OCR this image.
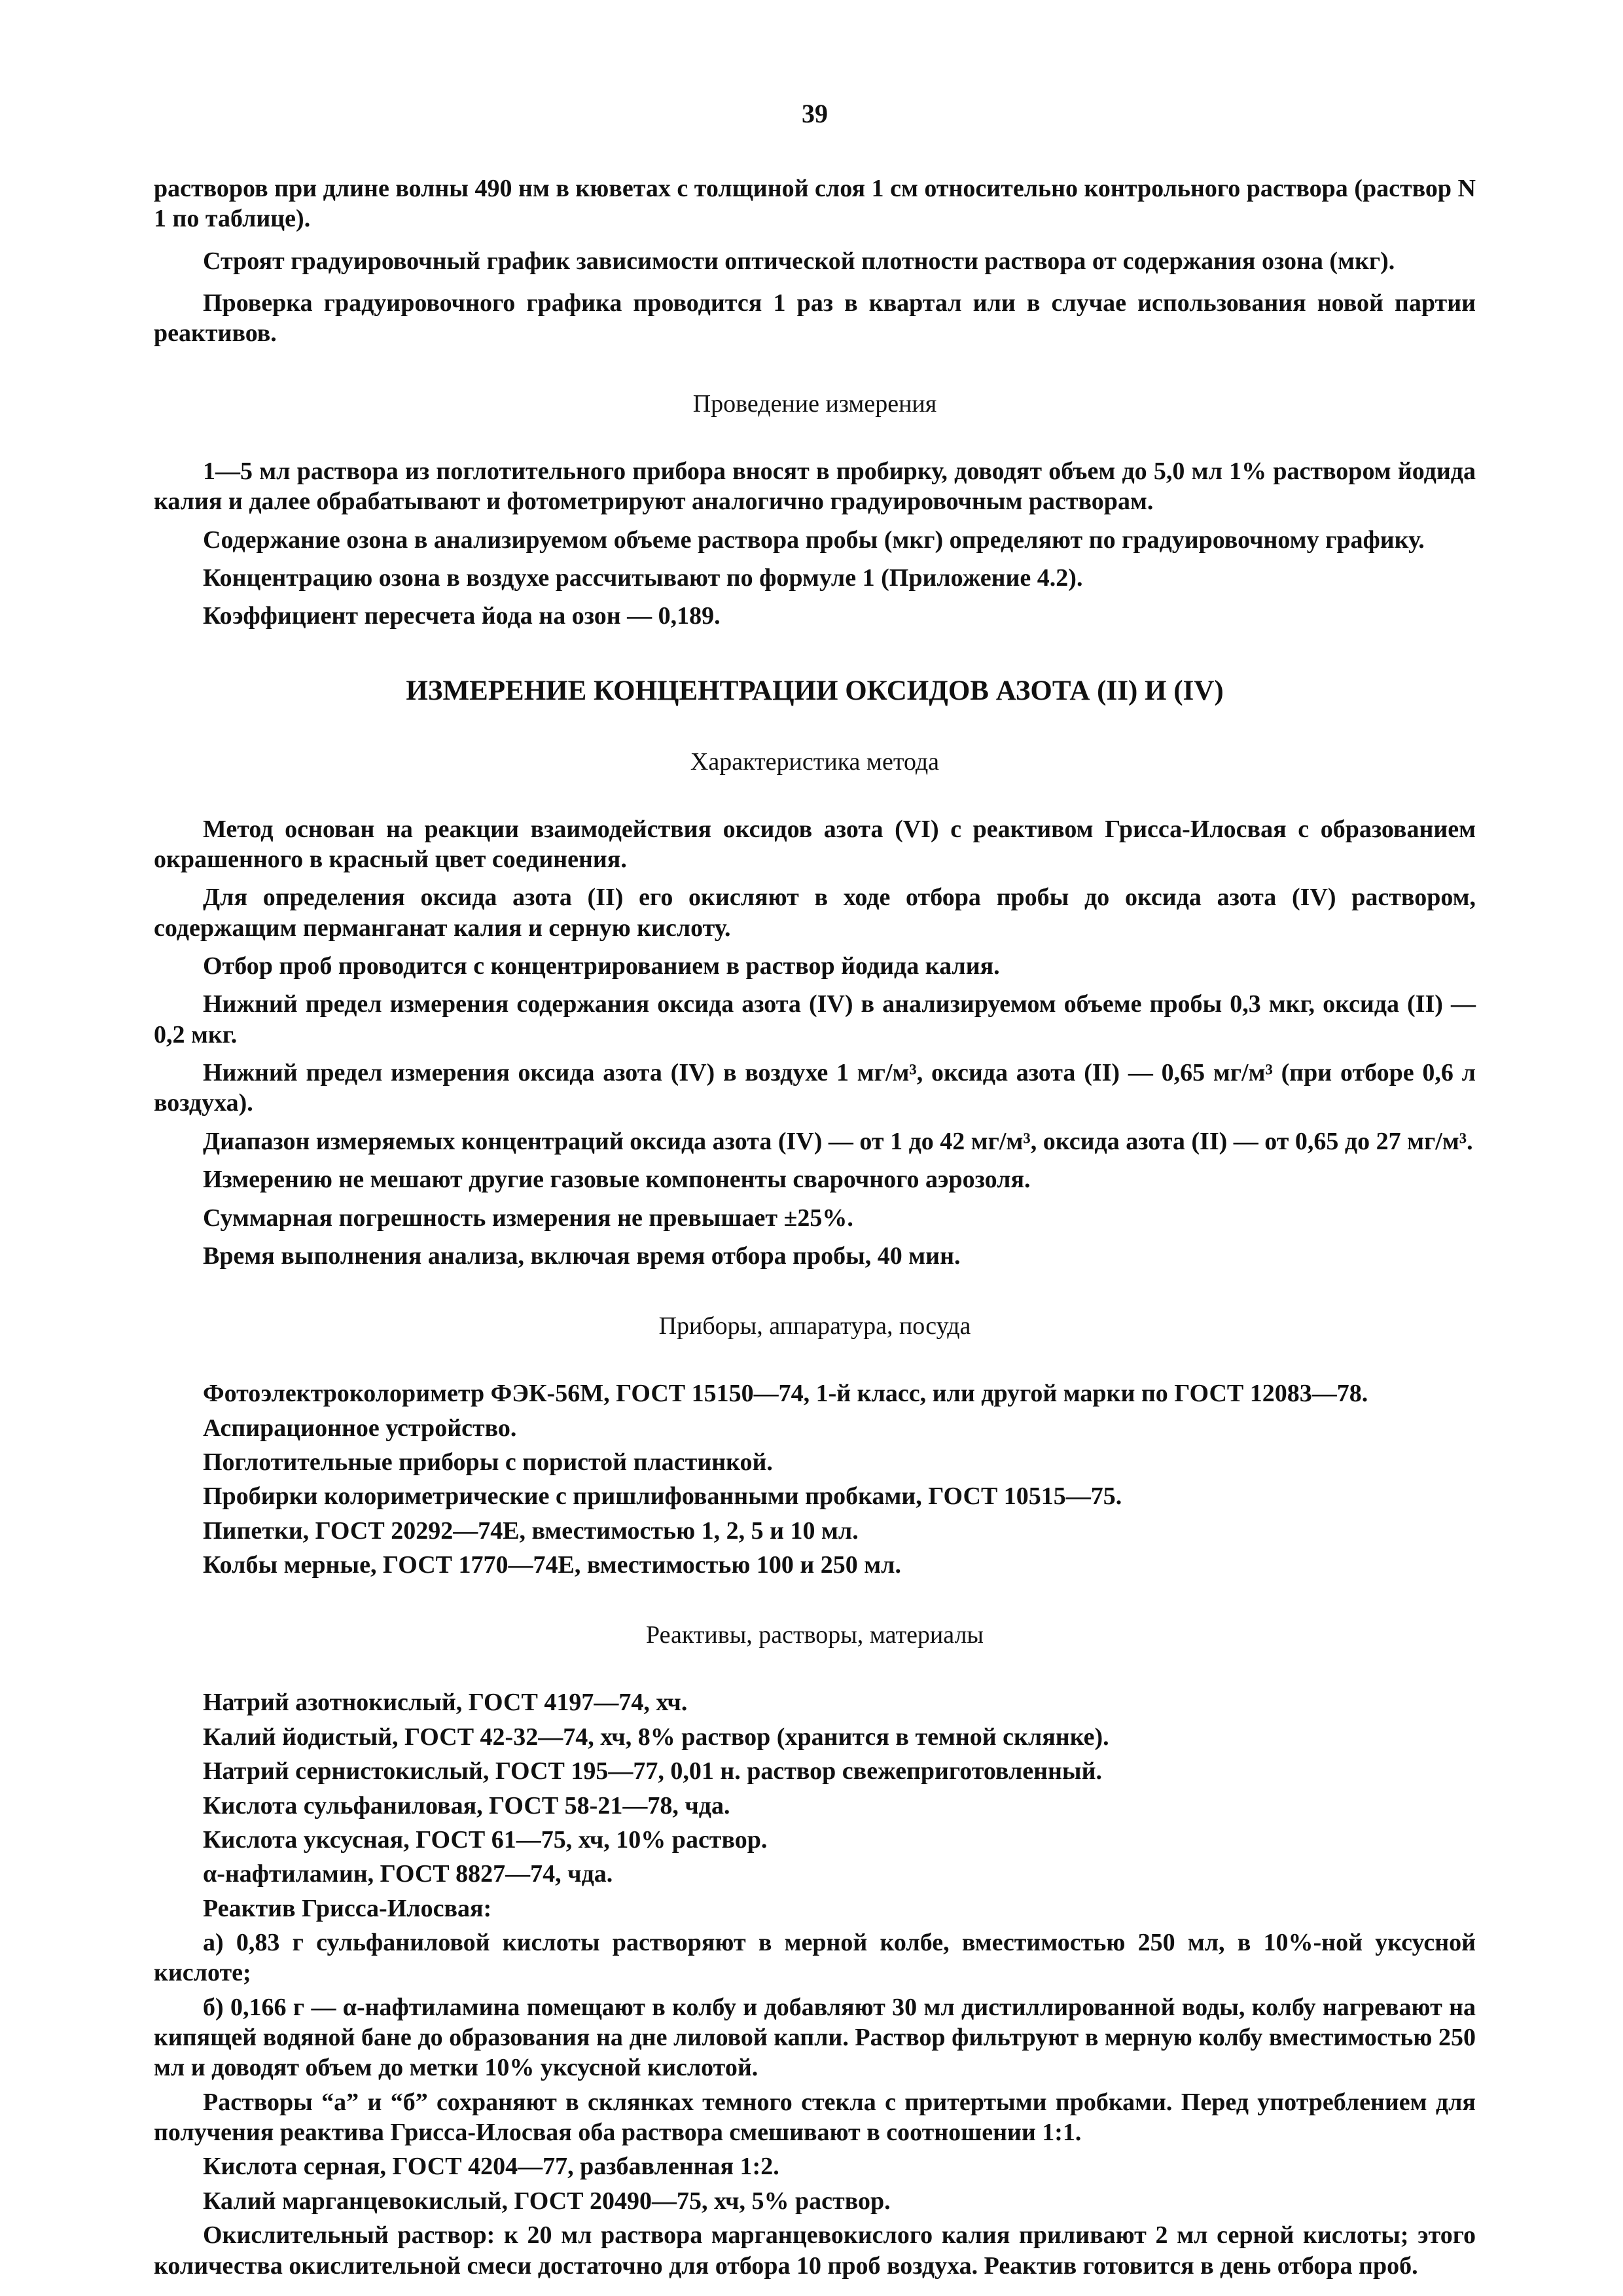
39

растворов при длине волны 490 нм в кюветах с толщиной слоя 1 см относительно контрольного раствора (раствор N 1 по таблице).

Строят градуировочный график зависимости оптической плотности раствора от содержания озона (мкг).

Проверка градуировочного графика проводится 1 раз в квартал или в случае использования новой партии реактивов.

Проведение измерения

1—5 мл раствора из поглотительного прибора вносят в пробирку, доводят объем до 5,0 мл 1% раствором йодида калия и далее обрабатывают и фотометрируют аналогично градуировочным растворам.

Содержание озона в анализируемом объеме раствора пробы (мкг) определяют по градуировочному графику.

Концентрацию озона в воздухе рассчитывают по формуле 1 (Приложение 4.2).

Коэффициент пересчета йода на озон — 0,189.

ИЗМЕРЕНИЕ КОНЦЕНТРАЦИИ ОКСИДОВ АЗОТА (II) И (IV)
Характеристика метода

Метод основан на реакции взаимодействия оксидов азота (VI) с реактивом Грисса-Илосвая с образованием окрашенного в красный цвет соединения.

Для определения оксида азота (II) его окисляют в ходе отбора пробы до оксида азота (IV) раствором, содержащим перманганат калия и серную кислоту.

Отбор проб проводится с концентрированием в раствор йодида калия.

Нижний предел измерения содержания оксида азота (IV) в анализируемом объеме пробы 0,3 мкг, оксида (II) — 0,2 мкг.

Нижний предел измерения оксида азота (IV) в воздухе 1 мг/м³, оксида азота (II) — 0,65 мг/м³ (при отборе 0,6 л воздуха).

Диапазон измеряемых концентраций оксида азота (IV) — от 1 до 42 мг/м³, оксида азота (II) — от 0,65 до 27 мг/м³.

Измерению не мешают другие газовые компоненты сварочного аэрозоля.

Суммарная погрешность измерения не превышает ±25%.

Время выполнения анализа, включая время отбора пробы, 40 мин.

Приборы, аппаратура, посуда

Фотоэлектроколориметр ФЭК-56М, ГОСТ 15150—74, 1-й класс, или другой марки по ГОСТ 12083—78.

Аспирационное устройство.

Поглотительные приборы с пористой пластинкой.

Пробирки колориметрические с пришлифованными пробками, ГОСТ 10515—75.

Пипетки, ГОСТ 20292—74Е, вместимостью 1, 2, 5 и 10 мл.

Колбы мерные, ГОСТ 1770—74Е, вместимостью 100 и 250 мл.

Реактивы, растворы, материалы

Натрий азотнокислый, ГОСТ 4197—74, хч.

Калий йодистый, ГОСТ 42-32—74, хч, 8% раствор (хранится в темной склянке).

Натрий сернистокислый, ГОСТ 195—77, 0,01 н. раствор свежеприготовленный.

Кислота сульфаниловая, ГОСТ 58-21—78, чда.

Кислота уксусная, ГОСТ 61—75, хч, 10% раствор.

α-нафтиламин, ГОСТ 8827—74, чда.

Реактив Грисса-Илосвая:

а) 0,83 г сульфаниловой кислоты растворяют в мерной колбе, вместимостью 250 мл, в 10%-ной уксусной кислоте;

б) 0,166 г — α-нафтиламина помещают в колбу и добавляют 30 мл дистиллированной воды, колбу нагревают на кипящей водяной бане до образования на дне лиловой капли. Раствор фильтруют в мерную колбу вместимостью 250 мл и доводят объем до метки 10% уксусной кислотой.

Растворы “а” и “б” сохраняют в склянках темного стекла с притертыми пробками. Перед употреблением для получения реактива Грисса-Илосвая оба раствора смешивают в соотношении 1:1.

Кислота серная, ГОСТ 4204—77, разбавленная 1:2.

Калий марганцевокислый, ГОСТ 20490—75, хч, 5% раствор.

Окислительный раствор: к 20 мл раствора марганцевокислого калия приливают 2 мл серной кислоты; этого количества окислительной смеси достаточно для отбора 10 проб воздуха. Реактив готовится в день отбора проб.
